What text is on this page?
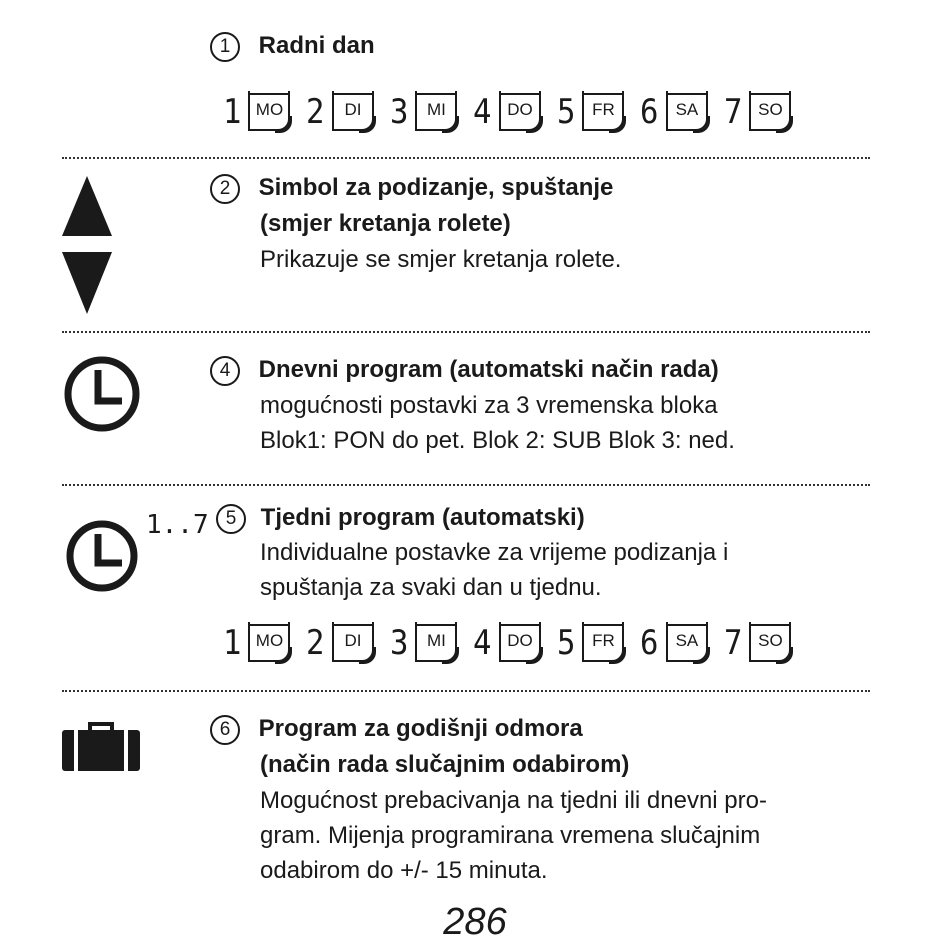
1 Radni dan
1 MO 2	DI 3	MI 4 DO 5 FR 6 SA 7 SO
2 Simbol za podizanje, spuštanje
(smjer kretanja rolete)
Prikazuje se smjer kretanja rolete.
4 Dnevni program (automatski način rada)
mogućnosti postavki za 3 vremenska bloka
Blok1: PON do pet. Blok 2: SUB Blok 3: ned.
1..7 5 Tjedni program (automatski)
Individualne postavke za vrijeme podizanja i
spuštanja za svaki dan u tjednu.
1 MO 2	DI 3	MI 4 DO 5 FR 6 SA 7 SO
6 Program za godišnji odmora
(način rada slučajnim odabirom)
Mogućnost prebacivanja na tjedni ili dnevni pro-
gram. Mijenja programirana vremena slučajnim
odabirom do +/- 15 minuta.
286
